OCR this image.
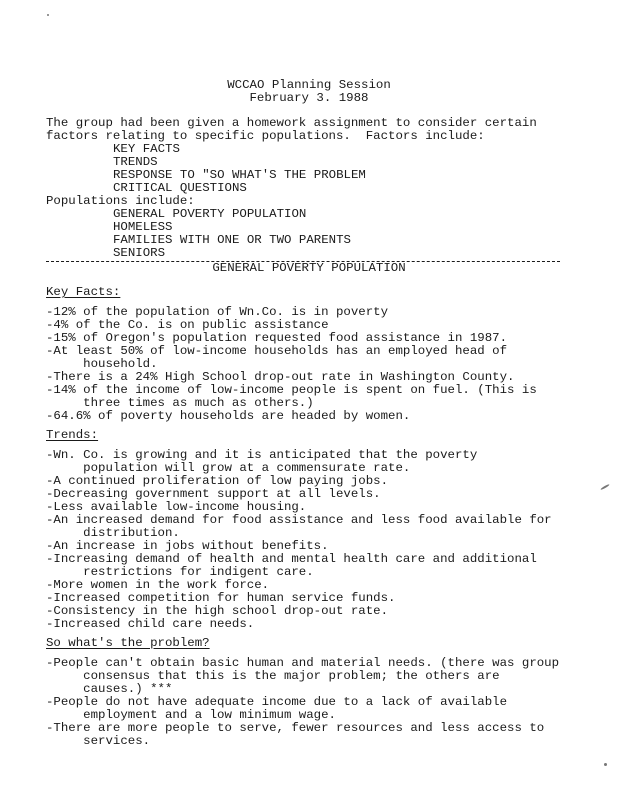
WCCAO Planning Session
February 3. 1988
The group had been given a homework assignment to consider certain
factors relating to specific populations.  Factors include:
KEY FACTS
TRENDS
RESPONSE TO "SO WHAT'S THE PROBLEM
CRITICAL QUESTIONS
Populations include:
GENERAL POVERTY POPULATION
HOMELESS
FAMILIES WITH ONE OR TWO PARENTS
SENIORS
GENERAL POVERTY POPULATION
Key Facts:
-12% of the population of Wn.Co. is in poverty
-4% of the Co. is on public assistance
-15% of Oregon's population requested food assistance in 1987.
-At least 50% of low-income households has an employed head of
household.
-There is a 24% High School drop-out rate in Washington County.
-14% of the income of low-income people is spent on fuel. (This is
three times as much as others.)
-64.6% of poverty households are headed by women.
Trends:
-Wn. Co. is growing and it is anticipated that the poverty
population will grow at a commensurate rate.
-A continued proliferation of low paying jobs.
-Decreasing government support at all levels.
-Less available low-income housing.
-An increased demand for food assistance and less food available for
distribution.
-An increase in jobs without benefits.
-Increasing demand of health and mental health care and additional
restrictions for indigent care.
-More women in the work force.
-Increased competition for human service funds.
-Consistency in the high school drop-out rate.
-Increased child care needs.
So what's the problem?
-People can't obtain basic human and material needs. (there was group
consensus that this is the major problem; the others are
causes.) ***
-People do not have adequate income due to a lack of available
employment and a low minimum wage.
-There are more people to serve, fewer resources and less access to
services.
